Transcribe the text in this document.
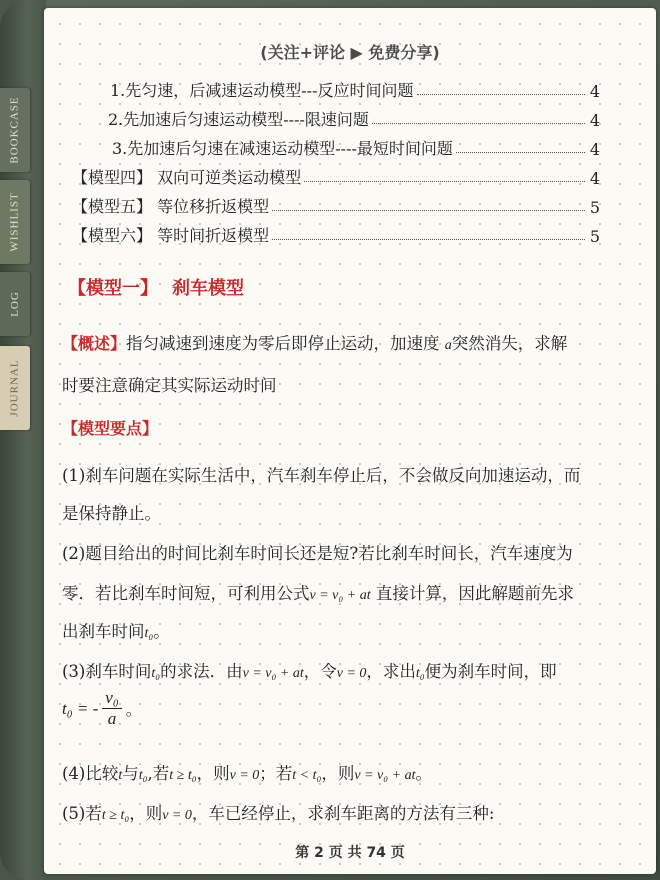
BOOKCASE
WISHLIST
LOG
JOURNAL
(关注+评论 ▶ 免费分享)
1.先匀速，后减速运动模型---反应时间问题	4
2.先加速后匀速运动模型----限速问题	4
3.先加速后匀速在减速运动模型----最短时间问题	4
【模型四】 双向可逆类运动模型	4
【模型五】 等位移折返模型	5
【模型六】 等时间折返模型	5
【模型一】 刹车模型
【概述】指匀减速到速度为零后即停止运动，加速度 a突然消失，求解
时要注意确定其实际运动时间
【模型要点】
(1)刹车问题在实际生活中，汽车刹车停止后，不会做反向加速运动，而
是保持静止。
(2)题目给出的时间比刹车时间长还是短?若比刹车时间长，汽车速度为
零．若比刹车时间短，可利用公式v = v₀ + at 直接计算，因此解题前先求
出刹车时间t₀。
(3)刹车时间t₀的求法．由v = v₀ + at，令v = 0，求出t₀便为刹车时间，即
t₀ = - $\frac{\text{v₀}}{a}$ 。
(4)比较t与t₀,若t ≥ t₀，则v = 0；若t < t₀，则v = v₀ + at。
(5)若t ≥ t₀，则v = 0，车已经停止，求刹车距离的方法有三种:
第 2 页 共 74 页
